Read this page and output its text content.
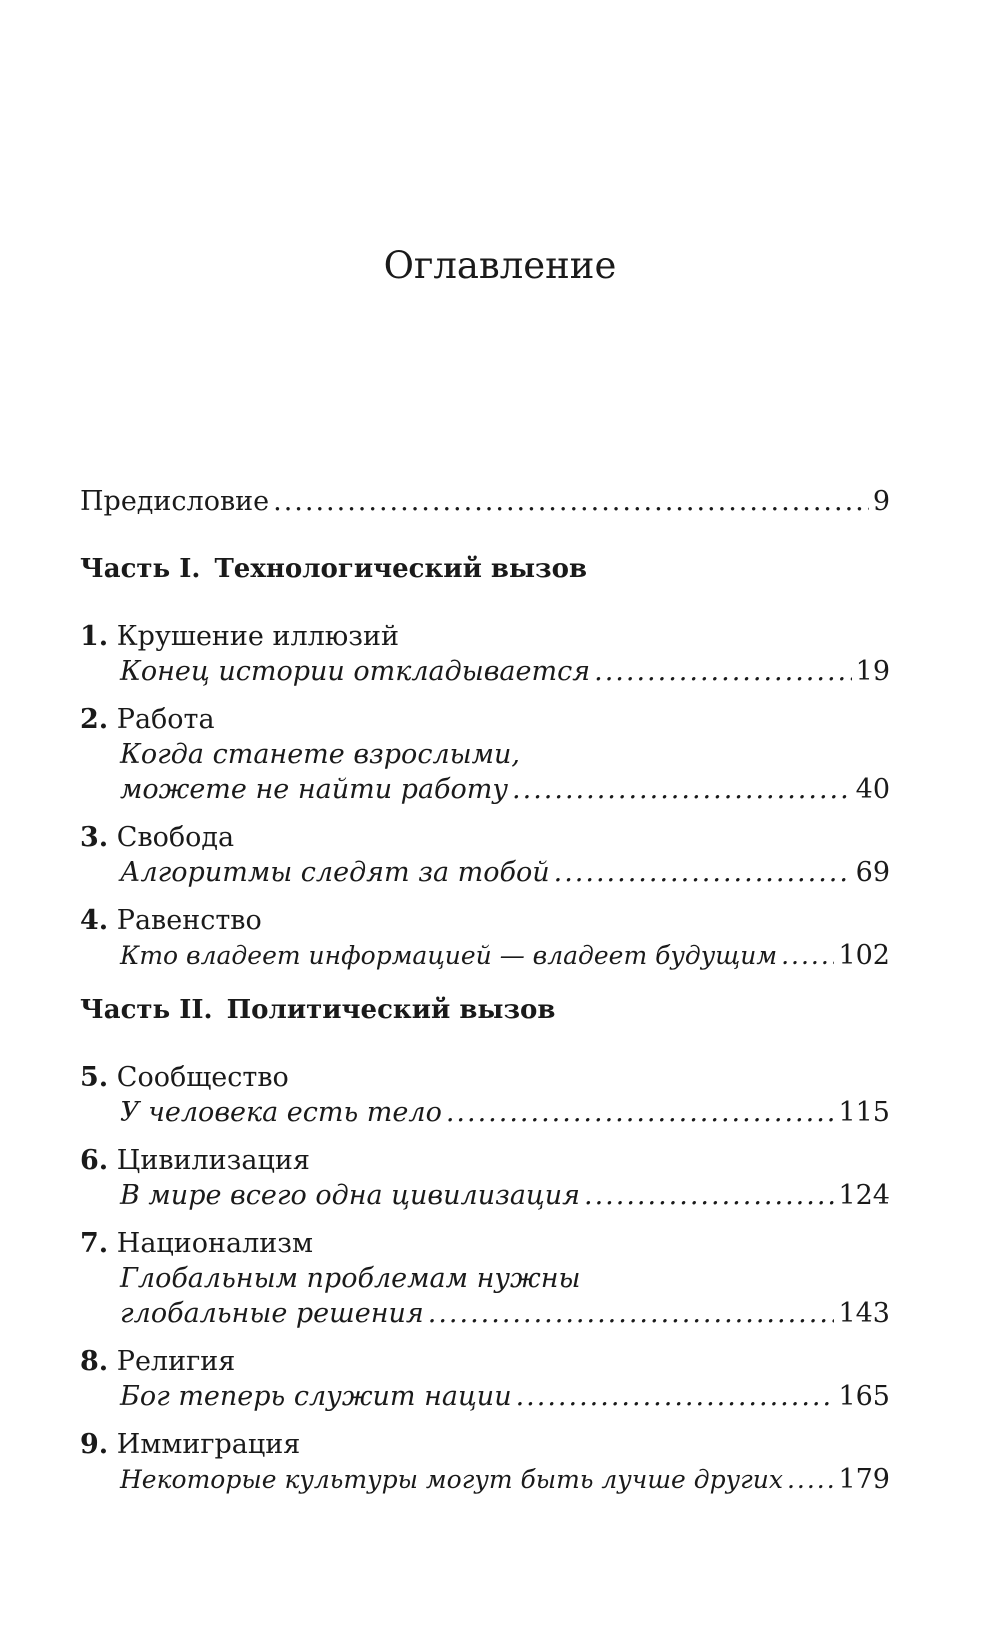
Оглавление
Предисловие .....	9
Часть I. Технологический вызов
1. Крушение иллюзий
Конец истории откладывается .....	19
2. Работа
Когда станете взрослыми,
можете не найти работу .....	40
3. Свобода
Алгоритмы следят за тобой .....	69
4. Равенство
Кто владеет информацией — владеет будущим ..... 102
Часть II. Политический вызов
5. Сообщество
У человека есть тело .....	115
6. Цивилизация
В мире всего одна цивилизация .....	124
7. Национализм
Глобальным проблемам нужны
глобальные решения .....	143
8. Религия
Бог теперь служит нации .....	165
9. Иммиграция
Некоторые культуры могут быть лучше других ..... 179
